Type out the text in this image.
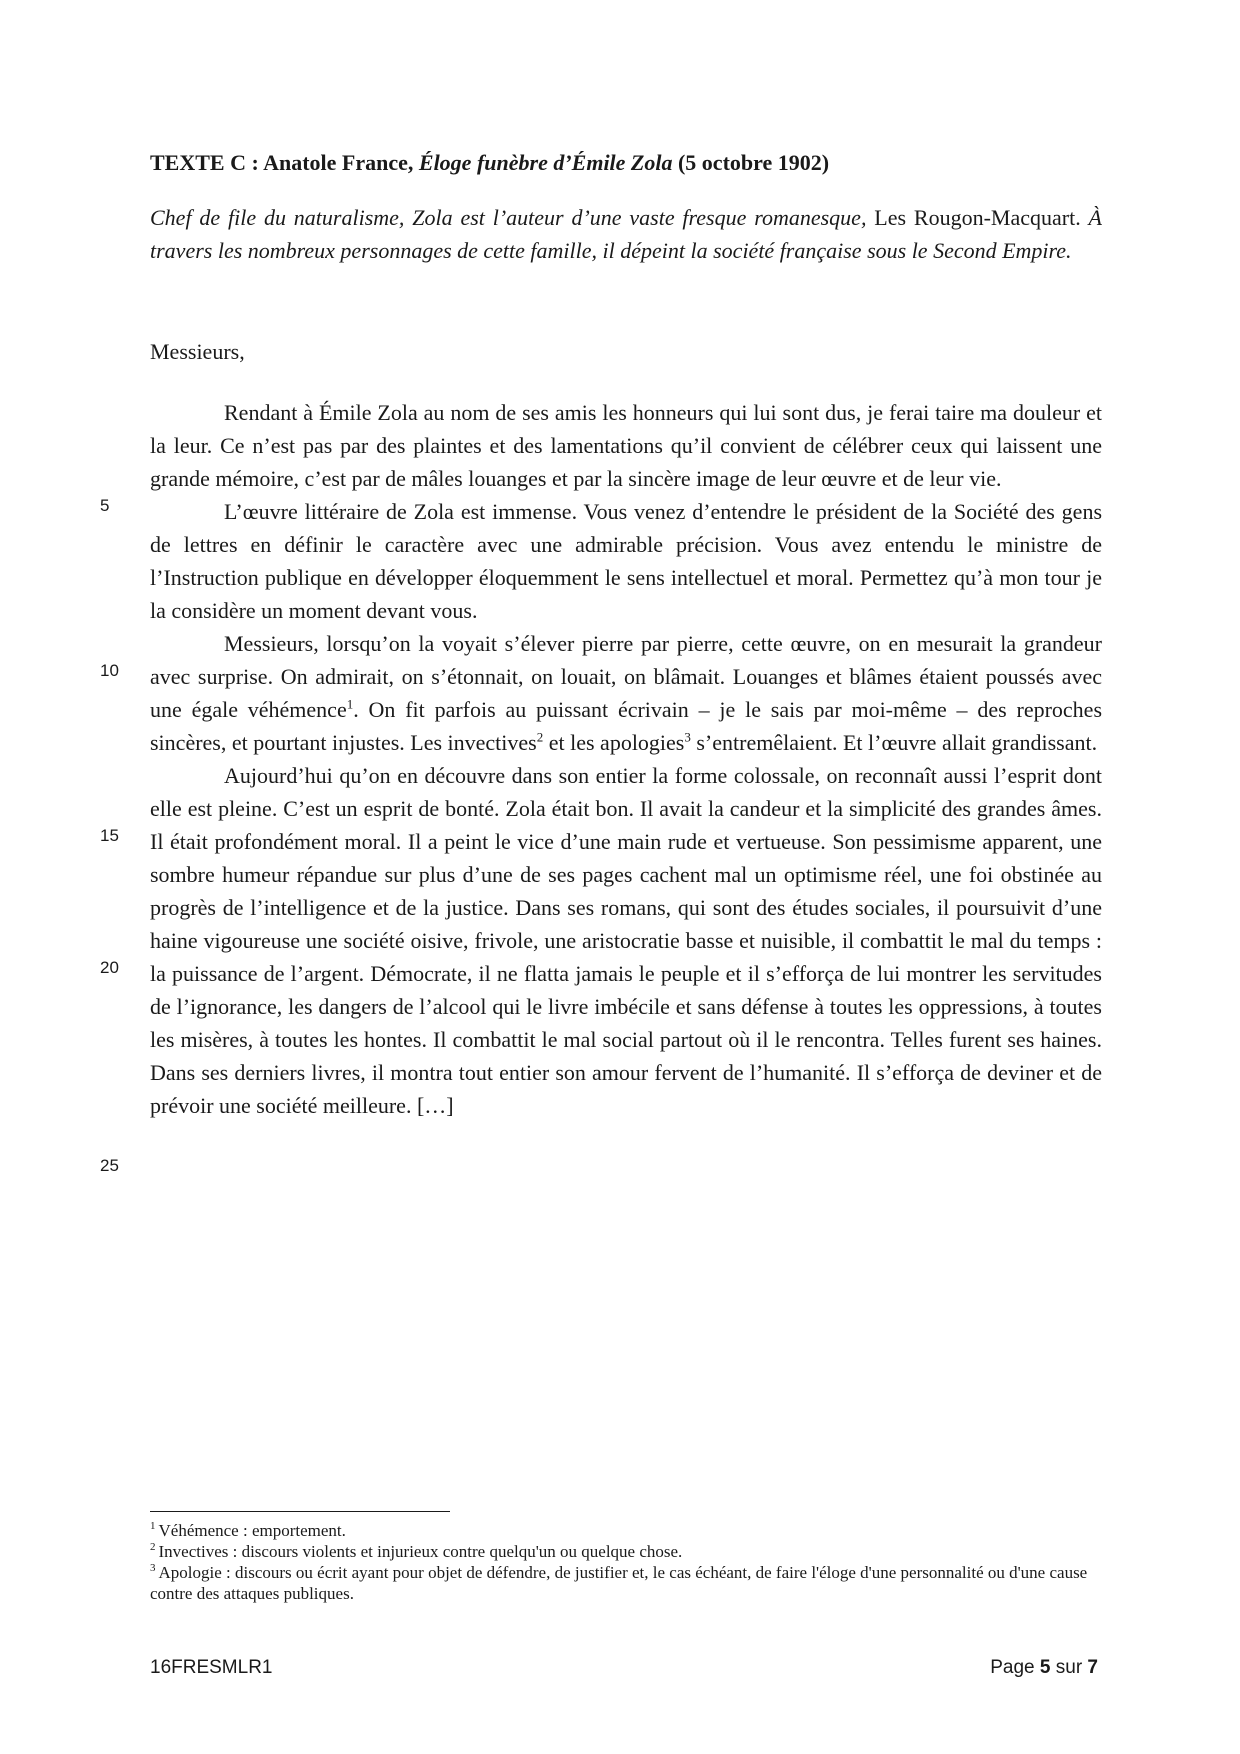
TEXTE C : Anatole France, Éloge funèbre d’Émile Zola (5 octobre 1902)
Chef de file du naturalisme, Zola est l’auteur d’une vaste fresque romanesque, Les Rougon-Macquart. À travers les nombreux personnages de cette famille, il dépeint la société française sous le Second Empire.
Messieurs,

Rendant à Émile Zola au nom de ses amis les honneurs qui lui sont dus, je ferai taire ma douleur et la leur. Ce n’est pas par des plaintes et des lamentations qu’il convient de célébrer ceux qui laissent une grande mémoire, c’est par de mâles louanges et par la sincère image de leur œuvre et de leur vie.

L’œuvre littéraire de Zola est immense. Vous venez d’entendre le président de la Société des gens de lettres en définir le caractère avec une admirable précision. Vous avez entendu le ministre de l’Instruction publique en développer éloquemment le sens intellectuel et moral. Permettez qu’à mon tour je la considère un moment devant vous.

Messieurs, lorsqu’on la voyait s’élever pierre par pierre, cette œuvre, on en mesurait la grandeur avec surprise. On admirait, on s’étonnait, on louait, on blâmait. Louanges et blâmes étaient poussés avec une égale véhémence$^1$. On fit parfois au puissant écrivain – je le sais par moi-même – des reproches sincères, et pourtant injustes. Les invectives$^2$ et les apologies$^3$ s’entremêlaient. Et l’œuvre allait grandissant.

Aujourd’hui qu’on en découvre dans son entier la forme colossale, on reconnaît aussi l’esprit dont elle est pleine. C’est un esprit de bonté. Zola était bon. Il avait la candeur et la simplicité des grandes âmes. Il était profondément moral. Il a peint le vice d’une main rude et vertueuse. Son pessimisme apparent, une sombre humeur répandue sur plus d’une de ses pages cachent mal un optimisme réel, une foi obstinée au progrès de l’intelligence et de la justice. Dans ses romans, qui sont des études sociales, il poursuivit d’une haine vigoureuse une société oisive, frivole, une aristocratie basse et nuisible, il combattit le mal du temps : la puissance de l’argent. Démocrate, il ne flatta jamais le peuple et il s’efforça de lui montrer les servitudes de l’ignorance, les dangers de l’alcool qui le livre imbécile et sans défense à toutes les oppressions, à toutes les misères, à toutes les hontes. Il combattit le mal social partout où il le rencontra. Telles furent ses haines. Dans ses derniers livres, il montra tout entier son amour fervent de l’humanité. Il s’efforça de deviner et de prévoir une société meilleure. […]

5
10
15
20
25

$^1$ Véhémence : emportement.

$^2$ Invectives : discours violents et injurieux contre quelqu'un ou quelque chose.

$^3$ Apologie : discours ou écrit ayant pour objet de défendre, de justifier et, le cas échéant, de faire l'éloge d'une personnalité ou d'une cause contre des attaques publiques.

16FRESMLR1	Page 5 sur 7
